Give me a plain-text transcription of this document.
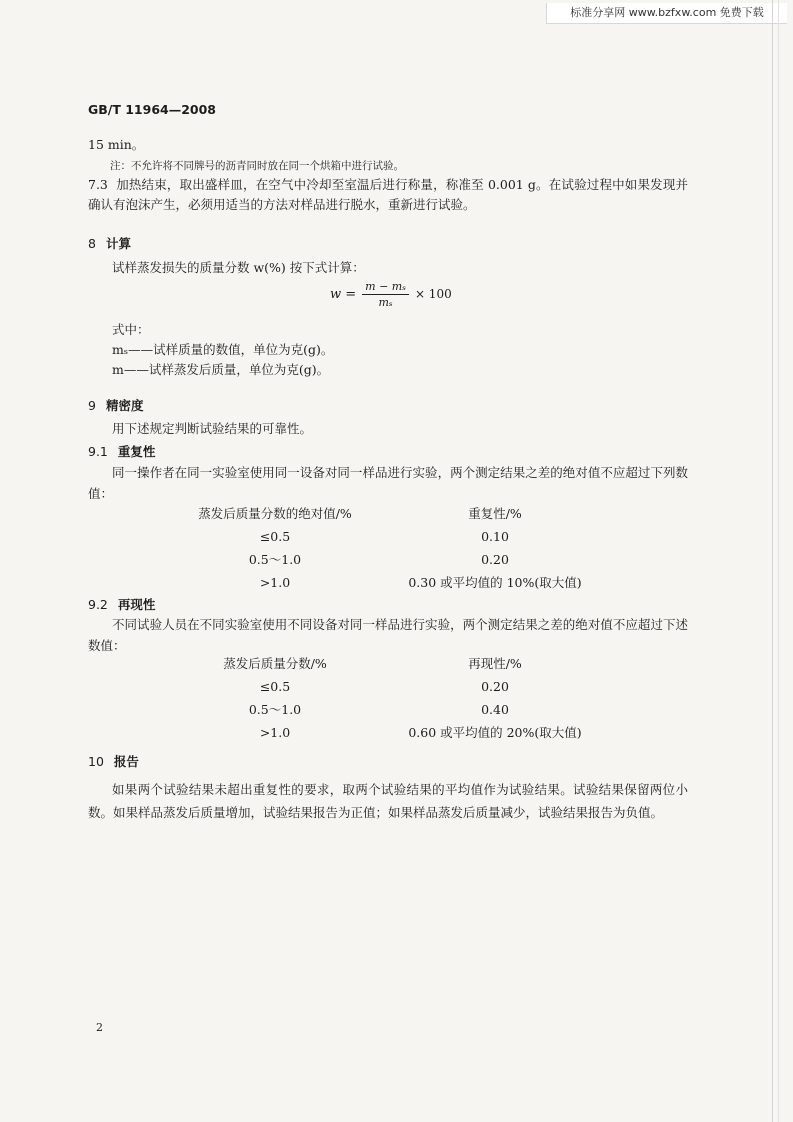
标准分享网 www.bzfxw.com 免费下载
GB/T 11964—2008
15 min。
注：不允许将不同牌号的沥青同时放在同一个烘箱中进行试验。
7.3 加热结束，取出盛样皿，在空气中冷却至室温后进行称量，称准至 0.001 g。在试验过程中如果发现并确认有泡沫产生，必须用适当的方法对样品进行脱水，重新进行试验。
8 计算
试样蒸发损失的质量分数 w(%) 按下式计算：
$w = \frac{\text{m − mₛ}}{\text{mₛ}} \times 100$
式中：
mₛ——试样质量的数值，单位为克(g)。
m——试样蒸发后质量，单位为克(g)。
9 精密度
用下述规定判断试验结果的可靠性。
9.1 重复性
同一操作者在同一实验室使用同一设备对同一样品进行实验，两个测定结果之差的绝对值不应超过下列数值：
蒸发后质量分数的绝对值/%	重复性/%
≤0.5	0.10
0.5～1.0	0.20
>1.0	0.30 或平均值的 10%(取大值)
9.2 再现性
不同试验人员在不同实验室使用不同设备对同一样品进行实验，两个测定结果之差的绝对值不应超过下述数值：
蒸发后质量分数/%	再现性/%
≤0.5	0.20
0.5～1.0	0.40
>1.0	0.60 或平均值的 20%(取大值)
10 报告
如果两个试验结果未超出重复性的要求，取两个试验结果的平均值作为试验结果。试验结果保留两位小数。如果样品蒸发后质量增加，试验结果报告为正值；如果样品蒸发后质量减少，试验结果报告为负值。
2
